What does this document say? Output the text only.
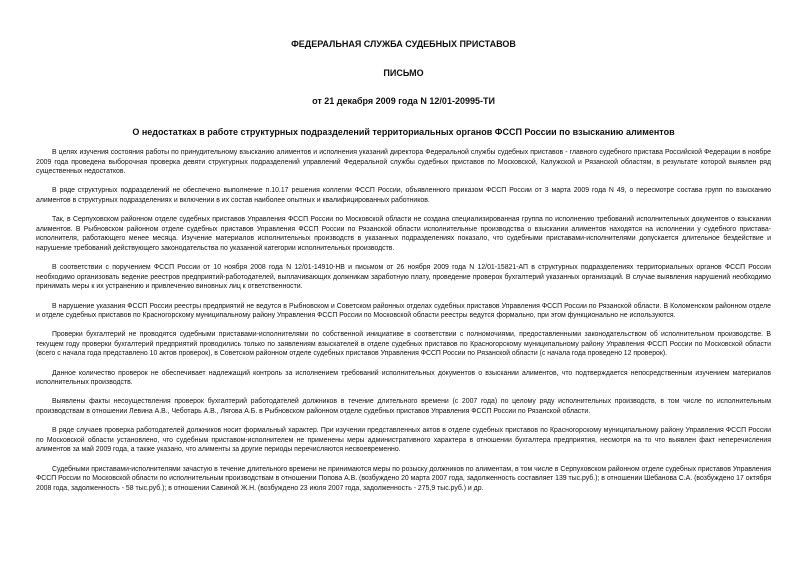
ФЕДЕРАЛЬНАЯ СЛУЖБА СУДЕБНЫХ ПРИСТАВОВ

ПИСЬМО

от 21 декабря 2009 года N 12/01-20995-ТИ

О недостатках в работе структурных подразделений территориальных органов ФССП России по взысканию алиментов

В целях изучения состояния работы по принудительному взысканию алиментов и исполнения указаний директора Федеральной службы судебных приставов - главного судебного пристава Российской Федерации в ноябре 2009 года проведена выборочная проверка девяти структурных подразделений управлений Федеральной службы судебных приставов по Московской, Калужской и Рязанской областям, в результате которой выявлен ряд существенных недостатков.

В ряде структурных подразделений не обеспечено выполнение п.10.17 решения коллегии ФССП России, объявленного приказом ФССП России от 3 марта 2009 года N 49, о пересмотре состава групп по взысканию алиментов в структурных подразделениях и включении в их состав наиболее опытных и квалифицированных работников.

Так, в Серпуховском районном отделе судебных приставов Управления ФССП России по Московской области не создана специализированная группа по исполнению требований исполнительных документов о взыскании алиментов. В Рыбновском районном отделе судебных приставов Управления ФССП России по Рязанской области исполнительные производства о взыскании алиментов находятся на исполнении у судебного пристава-исполнителя, работающего менее месяца. Изучение материалов исполнительных производств в указанных подразделениях показало, что судебными приставами-исполнителями допускается длительное бездействие и нарушение требований действующего законодательства по указанной категории исполнительных производств.

В соответствии с поручением ФССП России от 10 ноября 2008 года N 12/01-14910-НВ и письмом от 26 ноября 2009 года N 12/01-15821-АП в структурных подразделениях территориальных органов ФССП России необходимо организовать ведение реестров предприятий-работодателей, выплачивающих должникам заработную плату, проведение проверок бухгалтерий указанных организаций. В случае выявления нарушений необходимо принимать меры к их устранению и привлечению виновных лиц к ответственности.

В нарушение указания ФССП России реестры предприятий не ведутся в Рыбновском и Советском районных отделах судебных приставов Управления ФССП России по Рязанской области. В Коломенском районном отделе и отделе судебных приставов по Красногорскому муниципальному району Управления ФССП России по Московской области реестры ведутся формально, при этом функционально не используются.

Проверки бухгалтерий не проводятся судебными приставами-исполнителями по собственной инициативе в соответствии с полномочиями, предоставленными законодательством об исполнительном производстве. В текущем году проверки бухгалтерий предприятий проводились только по заявлениям взыскателей в отделе судебных приставов по Красногорскому муниципальному району Управления ФССП России по Московской области (всего с начала года представлено 10 актов проверок), в Советском районном отделе судебных приставов Управления ФССП России по Рязанской области (с начала года проведено 12 проверок).

Данное количество проверок не обеспечивает надлежащий контроль за исполнением требований исполнительных документов о взыскании алиментов, что подтверждается непосредственным изучением материалов исполнительных производств.

Выявлены факты несоуществления проверок бухгалтерий работодателей должников в течение длительного времени (с 2007 года) по целому ряду исполнительных производств, в том числе по исполнительным производствам в отношении Левина А.В., Чеботарь А.В., Лягова А.Б. в Рыбновском районном отделе судебных приставов Управления ФССП России по Рязанской области.

В ряде случаев проверка работодателей должников носит формальный характер. При изучении представленных актов в отделе судебных приставов по Красногорскому муниципальному району Управления ФССП России по Московской области установлено, что судебным приставом-исполнителем не применены меры административного характера в отношении бухгалтера предприятия, несмотря на то что выявлен факт неперечисления алиментов за май 2009 года, а также указано, что алименты за другие периоды перечисляются несвоевременно.

Судебными приставами-исполнителями зачастую в течение длительного времени не принимаются меры по розыску должников по алиментам, в том числе в Серпуховском районном отделе судебных приставов Управления ФССП России по Московской области по исполнительным производствам в отношении Попова А.В. (возбуждено 20 марта 2007 года, задолженность составляет 139 тыс.руб.); в отношении Шебанова С.А. (возбуждено 17 октября 2008 года, задолженность - 58 тыс.руб.); в отношении Савиной Ж.Н. (возбуждено 23 июля 2007 года, задолженность - 275,9 тыс.руб.) и др.
